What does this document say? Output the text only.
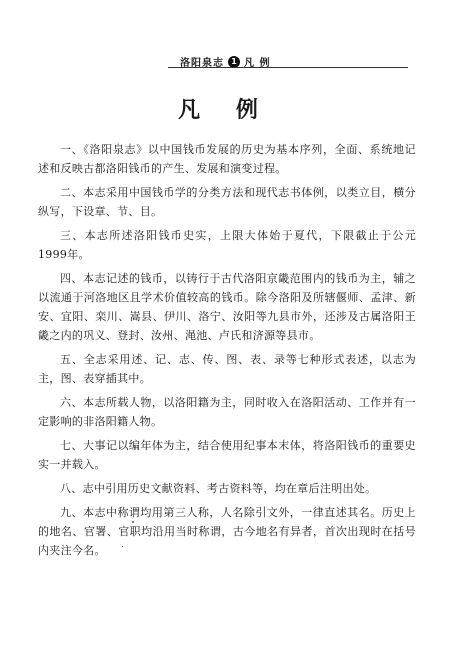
洛阳泉志 1 凡 例
凡 例

一、《洛阳泉志》以中国钱币发展的历史为基本序列，全面、系统地记述和反映古都洛阳钱币的产生、发展和演变过程。

二、本志采用中国钱币学的分类方法和现代志书体例，以类立目，横分纵写，下设章、节、目。

三、本志所述洛阳钱币史实，上限大体始于夏代，下限截止于公元1999年。

四、本志记述的钱币，以铸行于古代洛阳京畿范围内的钱币为主，辅之以流通于河洛地区且学术价值较高的钱币。除今洛阳及所辖偃师、孟津、新安、宜阳、栾川、嵩县、伊川、洛宁、汝阳等九县市外，还涉及古属洛阳王畿之内的巩义、登封、汝州、渑池、卢氏和济源等县市。

五、全志采用述、记、志、传、图、表、录等七种形式表述，以志为主，图、表穿插其中。

六、本志所载人物，以洛阳籍为主，同时收入在洛阳活动、工作并有一定影响的非洛阳籍人物。

七、大事记以编年体为主，结合使用纪事本末体，将洛阳钱币的重要史实一并载入。

八、志中引用历史文献资料、考古资料等，均在章后注明出处。

九、本志中称谓均用第三人称，人名除引文外，一律直述其名。历史上的地名、官署、官职均沿用当时称谓，古今地名有异者，首次出现时在括号内夹注今名。
